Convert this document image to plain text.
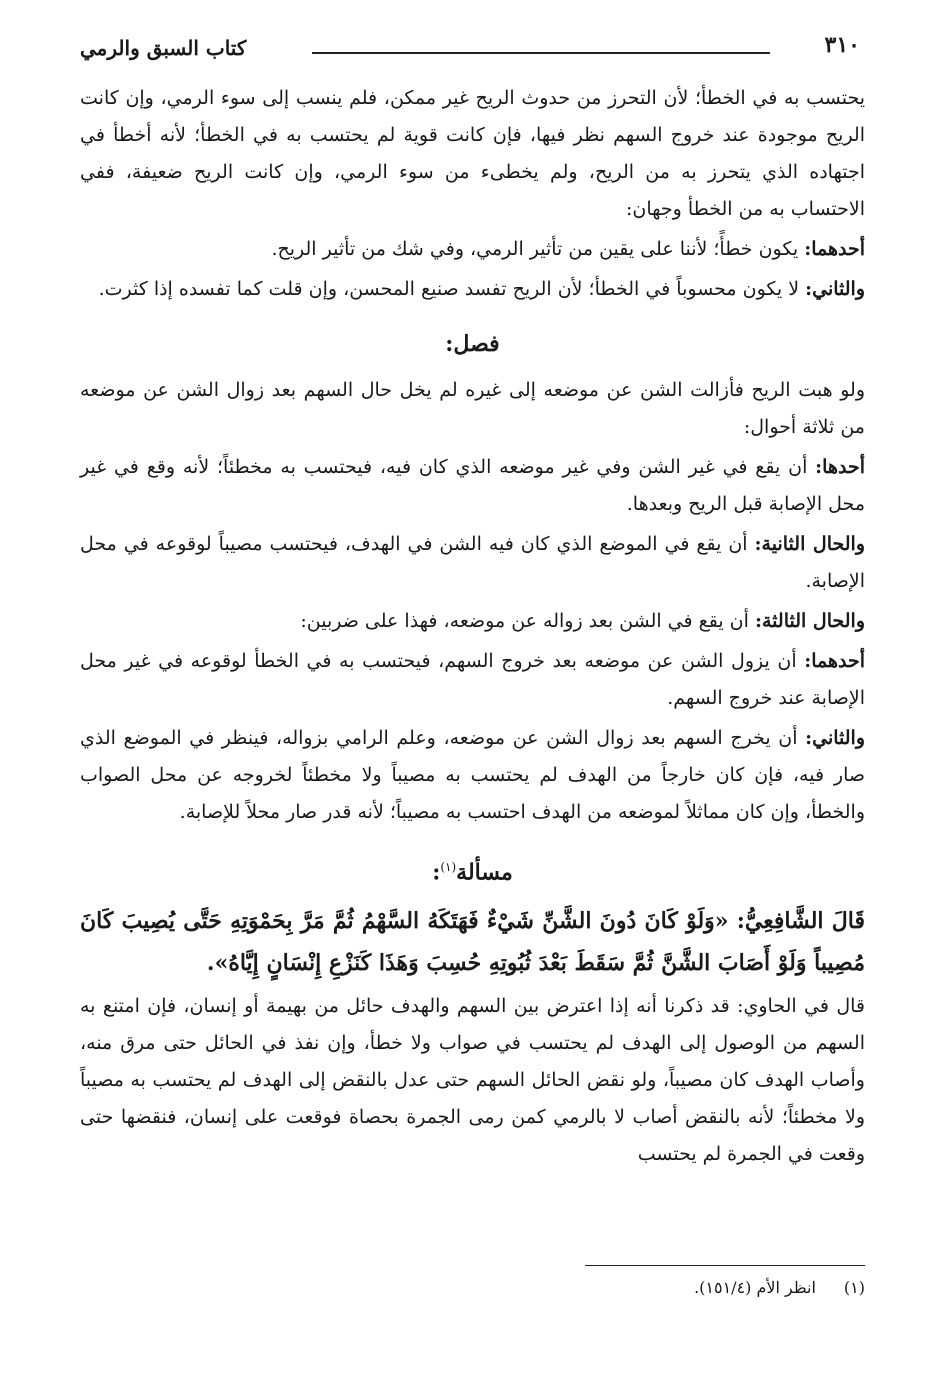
٣١٠
كتاب السبق والرمي

يحتسب به في الخطأ؛ لأن التحرز من حدوث الريح غير ممكن، فلم ينسب إلى سوء الرمي، وإن كانت الريح موجودة عند خروج السهم نظر فيها، فإن كانت قوية لم يحتسب به في الخطأ؛ لأنه أخطأ في اجتهاده الذي يتحرز به من الريح، ولم يخطىء من سوء الرمي، وإن كانت الريح ضعيفة، ففي الاحتساب به من الخطأ وجهان:

أحدهما: يكون خطأً؛ لأننا على يقين من تأثير الرمي، وفي شك من تأثير الريح.

والثاني: لا يكون محسوباً في الخطأ؛ لأن الريح تفسد صنيع المحسن، وإن قلت كما تفسده إذا كثرت.

فصل:

ولو هبت الريح فأزالت الشن عن موضعه إلى غيره لم يخل حال السهم بعد زوال الشن عن موضعه من ثلاثة أحوال:

أحدها: أن يقع في غير الشن وفي غير موضعه الذي كان فيه، فيحتسب به مخطئاً؛ لأنه وقع في غير محل الإصابة قبل الريح وبعدها.

والحال الثانية: أن يقع في الموضع الذي كان فيه الشن في الهدف، فيحتسب مصيباً لوقوعه في محل الإصابة.

والحال الثالثة: أن يقع في الشن بعد زواله عن موضعه، فهذا على ضربين:

أحدهما: أن يزول الشن عن موضعه بعد خروج السهم، فيحتسب به في الخطأ لوقوعه في غير محل الإصابة عند خروج السهم.

والثاني: أن يخرج السهم بعد زوال الشن عن موضعه، وعلم الرامي بزواله، فينظر في الموضع الذي صار فيه، فإن كان خارجاً من الهدف لم يحتسب به مصيباً ولا مخطئاً لخروجه عن محل الصواب والخطأ، وإن كان مماثلاً لموضعه من الهدف احتسب به مصيباً؛ لأنه قدر صار محلاً للإصابة.

مسألة$^{(١)}$:

قَالَ الشَّافِعِيُّ: «وَلَوْ كَانَ دُونَ الشَّنِّ شَيْءٌ فَهَتَكَهُ السَّهْمُ ثُمَّ مَرَّ بِحَمْوَتِهِ حَتَّى يُصِيبَ كَانَ مُصِيباً وَلَوْ أَصَابَ الشَّنَّ ثُمَّ سَقَطَ بَعْدَ ثُبُوتِهِ حُسِبَ وَهَذَا كَنَزْعِ إِنْسَانٍ إِيَّاهُ».

قال في الحاوي: قد ذكرنا أنه إذا اعترض بين السهم والهدف حائل من بهيمة أو إنسان، فإن امتنع به السهم من الوصول إلى الهدف لم يحتسب في صواب ولا خطأ، وإن نفذ في الحائل حتى مرق منه، وأصاب الهدف كان مصيباً، ولو نقض الحائل السهم حتى عدل بالنقض إلى الهدف لم يحتسب به مصيباً ولا مخطئاً؛ لأنه بالنقض أصاب لا بالرمي كمن رمى الجمرة بحصاة فوقعت على إنسان، فنقضها حتى وقعت في الجمرة لم يحتسب

(١)
انظر الأم (١٥١/٤).
